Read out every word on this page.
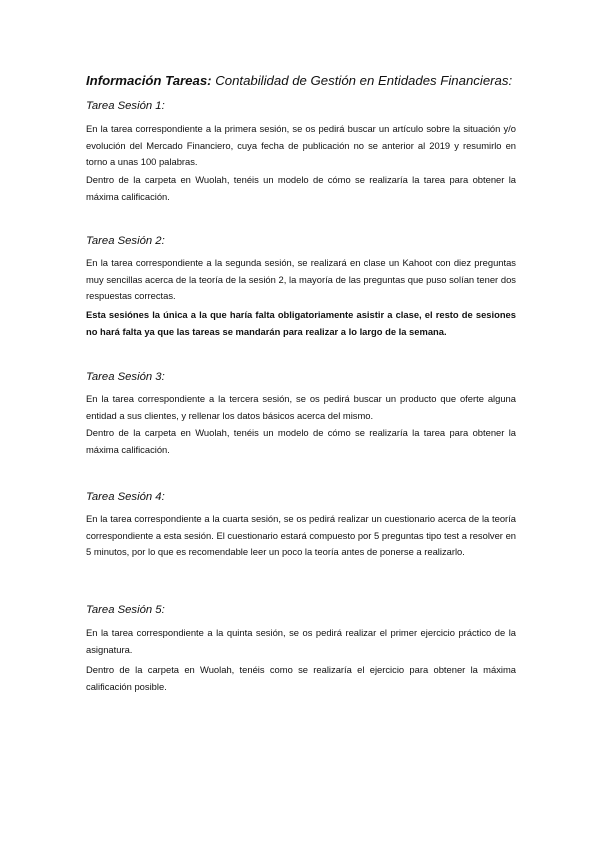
Información Tareas: Contabilidad de Gestión en Entidades Financieras:
Tarea Sesión 1:

En la tarea correspondiente a la primera sesión, se os pedirá buscar un artículo sobre la situación y/o evolución del Mercado Financiero, cuya fecha de publicación no se anterior al 2019 y resumirlo en torno a unas 100 palabras.

Dentro de la carpeta en Wuolah, tenéis un modelo de cómo se realizaría la tarea para obtener la máxima calificación.

Tarea Sesión 2:

En la tarea correspondiente a la segunda sesión, se realizará en clase un Kahoot con diez preguntas muy sencillas acerca de la teoría de la sesión 2, la mayoría de las preguntas que puso solían tener dos respuestas correctas.

Esta sesiónes la única a la que haría falta obligatoriamente asistir a clase, el resto de sesiones no hará falta ya que las tareas se mandarán para realizar a lo largo de la semana.

Tarea Sesión 3:

En la tarea correspondiente a la tercera sesión, se os pedirá buscar un producto que oferte alguna entidad a sus clientes, y rellenar los datos básicos acerca del mismo.

Dentro de la carpeta en Wuolah, tenéis un modelo de cómo se realizaría la tarea para obtener la máxima calificación.

Tarea Sesión 4:

En la tarea correspondiente a la cuarta sesión, se os pedirá realizar un cuestionario acerca de la teoría correspondiente a esta sesión. El cuestionario estará compuesto por 5 preguntas tipo test a resolver en 5 minutos, por lo que es recomendable leer un poco la teoría antes de ponerse a realizarlo.

Tarea Sesión 5:

En la tarea correspondiente a la quinta sesión, se os pedirá realizar el primer ejercicio práctico de la asignatura.

Dentro de la carpeta en Wuolah, tenéis como se realizaría el ejercicio para obtener la máxima calificación posible.
